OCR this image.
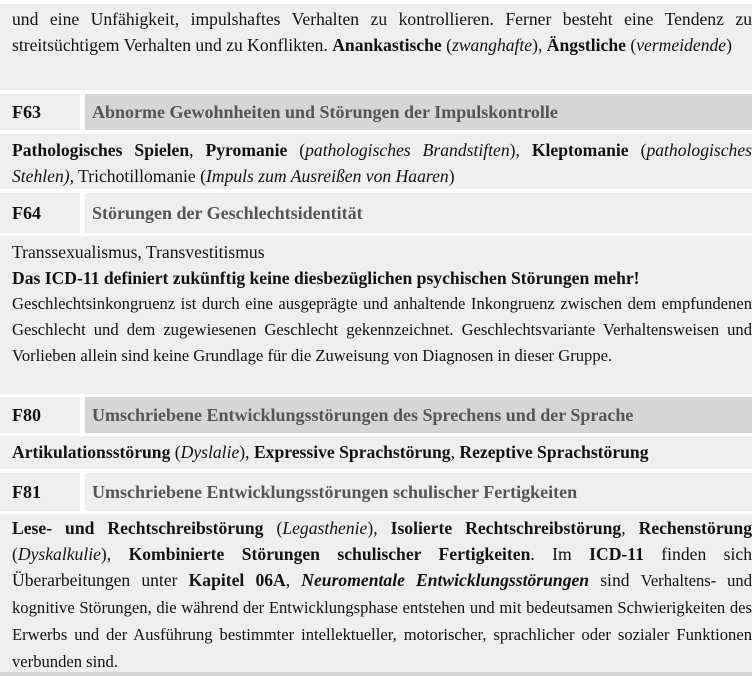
und eine Unfähigkeit, impulshaftes Verhalten zu kontrollieren. Ferner besteht eine Tendenz zu streitsüchtigem Verhalten und zu Konflikten. Anankastische (zwanghafte), Ängstliche (vermeidende)

F63	Abnorme Gewohnheiten und Störungen der Impulskontrolle

Pathologisches Spielen, Pyromanie (pathologisches Brandstiften), Kleptomanie (pathologisches Stehlen), Trichotillomanie (Impuls zum Ausreißen von Haaren)

F64	Störungen der Geschlechtsidentität

Transsexualismus, Transvestitismus

Das ICD-11 definiert zukünftig keine diesbezüglichen psychischen Störungen mehr!

Geschlechtsinkongruenz ist durch eine ausgeprägte und anhaltende Inkongruenz zwischen dem empfundenen Geschlecht und dem zugewiesenen Geschlecht gekennzeichnet. Geschlechtsvariante Verhaltensweisen und Vorlieben allein sind keine Grundlage für die Zuweisung von Diagnosen in dieser Gruppe.

F80	Umschriebene Entwicklungsstörungen des Sprechens und der Sprache

Artikulationsstörung (Dyslalie), Expressive Sprachstörung, Rezeptive Sprachstörung

F81	Umschriebene Entwicklungsstörungen schulischer Fertigkeiten

Lese- und Rechtschreibstörung (Legasthenie), Isolierte Rechtschreibstörung, Rechenstörung (Dyskalkulie), Kombinierte Störungen schulischer Fertigkeiten. Im ICD-11 finden sich Überarbeitungen unter Kapitel 06A, Neuromentale Entwicklungsstörungen sind Verhaltens- und kognitive Störungen, die während der Entwicklungsphase entstehen und mit bedeutsamen Schwierigkeiten des Erwerbs und der Ausführung bestimmter intellektueller, motorischer, sprachlicher oder sozialer Funktionen verbunden sind.
